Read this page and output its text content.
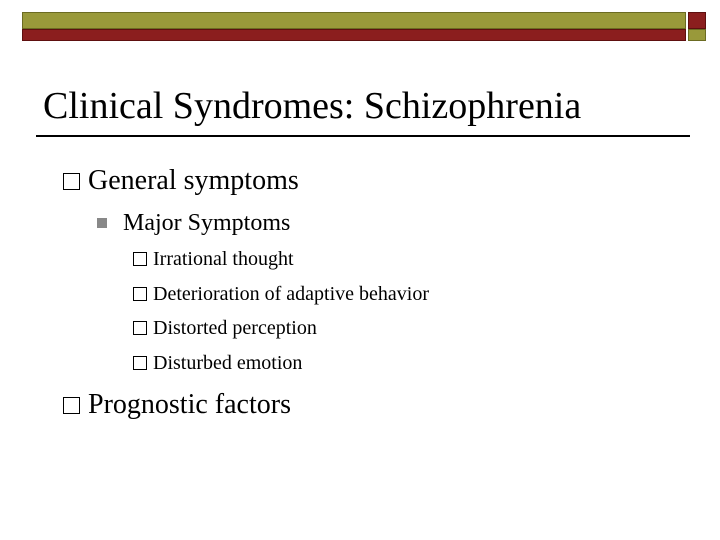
Clinical Syndromes: Schizophrenia
General symptoms
Major Symptoms
Irrational thought
Deterioration of adaptive behavior
Distorted perception
Disturbed emotion
Prognostic factors
